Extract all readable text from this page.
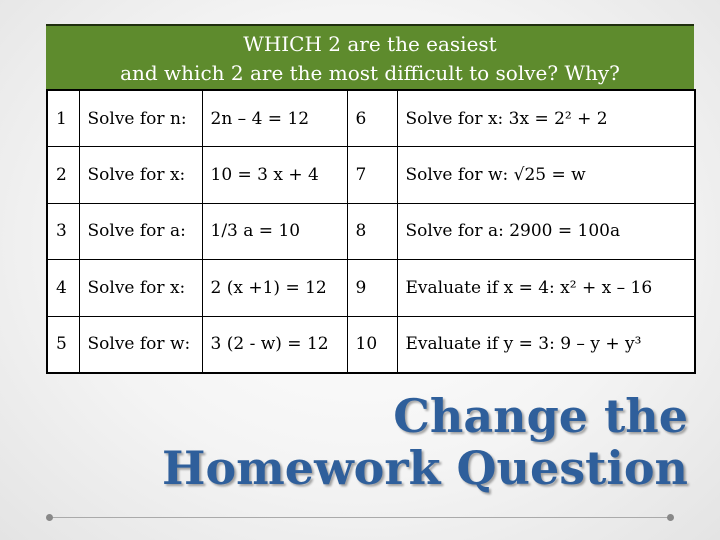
WHICH 2 are the easiest
and which 2 are the most difficult to solve? Why?
1	Solve for n:	2n – 4 = 12	6	Solve for x: 3x = 2² + 2
2	Solve for x:	10 = 3 x + 4	7	Solve for w: √25 = w
3	Solve for a:	1/3 a = 10	8	Solve for a: 2900 = 100a
4	Solve for x:	2 (x +1) = 12	9	Evaluate if x = 4: x² + x – 16
5	Solve for w:	3 (2 - w) = 12	10	Evaluate if y = 3: 9 – y + y³
Change the
Homework Question
